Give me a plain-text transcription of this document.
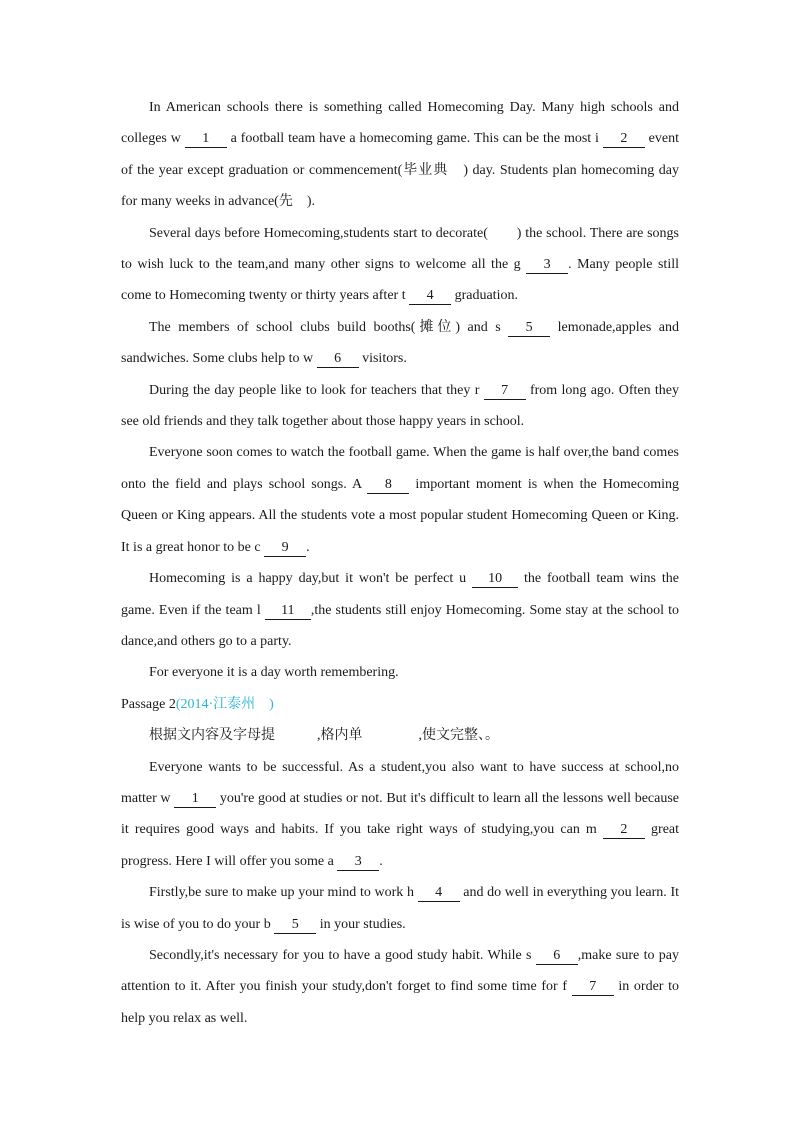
In American schools there is something called Homecoming Day. Many high schools and colleges w 1 a football team have a homecoming game. This can be the most i 2 event of the year except graduation or commencement(毕业典　) day. Students plan homecoming day for many weeks in advance(先　).

Several days before Homecoming,students start to decorate(　　) the school. There are songs to wish luck to the team,and many other signs to welcome all the g 3 . Many people still come to Homecoming twenty or thirty years after t 4 graduation.

The members of school clubs build booths(摊位) and s 5 lemonade,apples and sandwiches. Some clubs help to w 6 visitors.

During the day people like to look for teachers that they r 7 from long ago. Often they see old friends and they talk together about those happy years in school.

Everyone soon comes to watch the football game. When the game is half over,the band comes onto the field and plays school songs. A 8 important moment is when the Homecoming Queen or King appears. All the students vote a most popular student Homecoming Queen or King. It is a great honor to be c 9 .

Homecoming is a happy day,but it won't be perfect u 10 the football team wins the game. Even if the team l 11 ,the students still enjoy Homecoming. Some stay at the school to dance,and others go to a party.

For everyone it is a day worth remembering.

Passage 2(2014·江泰州　)

根据文内容及字母提　　　,格内单　　　　,使文完整、。

Everyone wants to be successful. As a student,you also want to have success at school,no matter w 1 you're good at studies or not. But it's difficult to learn all the lessons well because it requires good ways and habits. If you take right ways of studying,you can m 2 great progress. Here I will offer you some a 3 .

Firstly,be sure to make up your mind to work h 4 and do well in everything you learn. It is wise of you to do your b 5 in your studies.

Secondly,it's necessary for you to have a good study habit. While s 6 ,make sure to pay attention to it. After you finish your study,don't forget to find some time for f 7 in order to help you relax as well.
